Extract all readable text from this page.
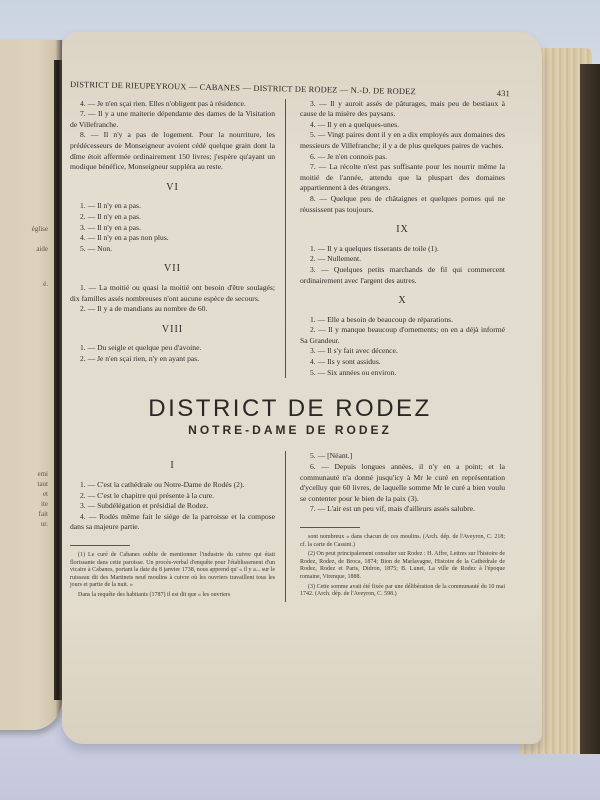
église
aide
é.
emi
taut
et
ite
fait
ur.
DISTRICT DE RIEUPEYROUX — CABANES — DISTRICT DE RODEZ — N.-D. DE RODEZ	431

4. — Je n'en sçai rien. Elles n'obligent pas à résidence.

7. — Il y a une maiterie dépendante des dames de la Visitation de Villefranche.

8. — Il n'y a pas de logement. Pour la nourriture, les prédécesseurs de Monseigneur avoient cédé quelque grain dont la dîme étoit affermée ordinairement 150 livres; j'espère qu'ayant un modique bénéfice, Monseigneur suppléra au reste.

VI

1. — Il n'y en a pas.

2. — Il n'y en a pas.

3. — Il n'y en a pas.

4. — Il n'y en a pas non plus.

5. — Non.

VII

1. — La moitié ou quasi la moitié ont besoin d'être soulagés; dix familles assés nombreuses n'ont aucune espèce de secours.

2. — Il y a de mandians au nombre de 60.

VIII

1. — Du seigle et quelque peu d'avoine.

2. — Je n'en sçai rien, n'y en ayant pas.

3. — Il y auroit assés de pâturages, mais peu de bestiaux à cause de la misère des paysans.

4. — Il y en a quelques-unes.

5. — Vingt paires dont il y en a dix employés aux domaines des messieurs de Villefranche; il y a de plus quelques paires de vaches.

6. — Je n'en connois pas.

7. — La récolte n'est pas suffisante pour les nourrir même la moitié de l'année, attendu que la pluspart des domaines appartiennent à des étrangers.

8. — Quelque peu de châtaignes et quelques pomes qui ne réussissent pas toujours.

IX

1. — Il y a quelques tisserants de toile (1).

2. — Nullement.

3. — Quelques petits marchands de fil qui commercent ordinairement avec l'argent des autres.

X

1. — Elle a besoin de beaucoup de réparations.

2. — Il y manque beaucoup d'ornements; on en a déjà informé Sa Grandeur.

3. — Il s'y fait avec décence.

4. — Ils y sont assidus.

5. — Six années ou environ.

DISTRICT DE RODEZ
NOTRE-DAME DE RODEZ
I

1. — C'est la cathédrale ou Notre-Dame de Rodés (2).

2. — C'est le chapitre qui présente à la cure.

3. — Subdélégation et présidial de Rodez.

4. — Rodés même fait le siège de la parroisse et la compose dans sa majeure partie.

(1) Le curé de Cabanes oublie de mentionner l'industrie du cuivre qui était florissante dans cette paroisse. Un procès-verbal d'enquête pour l'établissement d'un vicaire à Cabanes, portant la date du 8 janvier 1738, nous apprend qu' « il y a... sur le ruisseau dit des Martinets neuf moulins à cuivre où les ouvriers travaillent tous les jours et partie de la nuit. »

Dans la requête des habitants (1787) il est dit que « les ouvriers

5. — [Néant.]

6. — Depuis longues années, il n'y en a point; et la communauté n'a donné jusqu'icy à Mr le curé en représentation d'ycelluy que 60 livres, de laquelle somme Mr le curé a bien voulu se contenter pour le bien de la paix (3).

7. — L'air est un peu vif, mais d'ailleurs assés salubre.

sont nombreux « dans chacun de ces moulins. (Arch. dép. de l'Aveyron, C. 218; cf. la carte de Cassini.)

(2) On peut principalement consulter sur Rodez : H. Affre, Lettres sur l'histoire de Rodez, Rodez, de Broca, 1874; Bion de Marlavagne, Histoire de la Cathédrale de Rodez, Rodez et Paris, Didron, 1875; B. Lunet, La ville de Rodez à l'époque romaine, Virenque, 1888.

(3) Cette somme avait été fixée par une délibération de la communauté du 10 mai 1742. (Arch. dép. de l'Aveyron, C. 598.)
